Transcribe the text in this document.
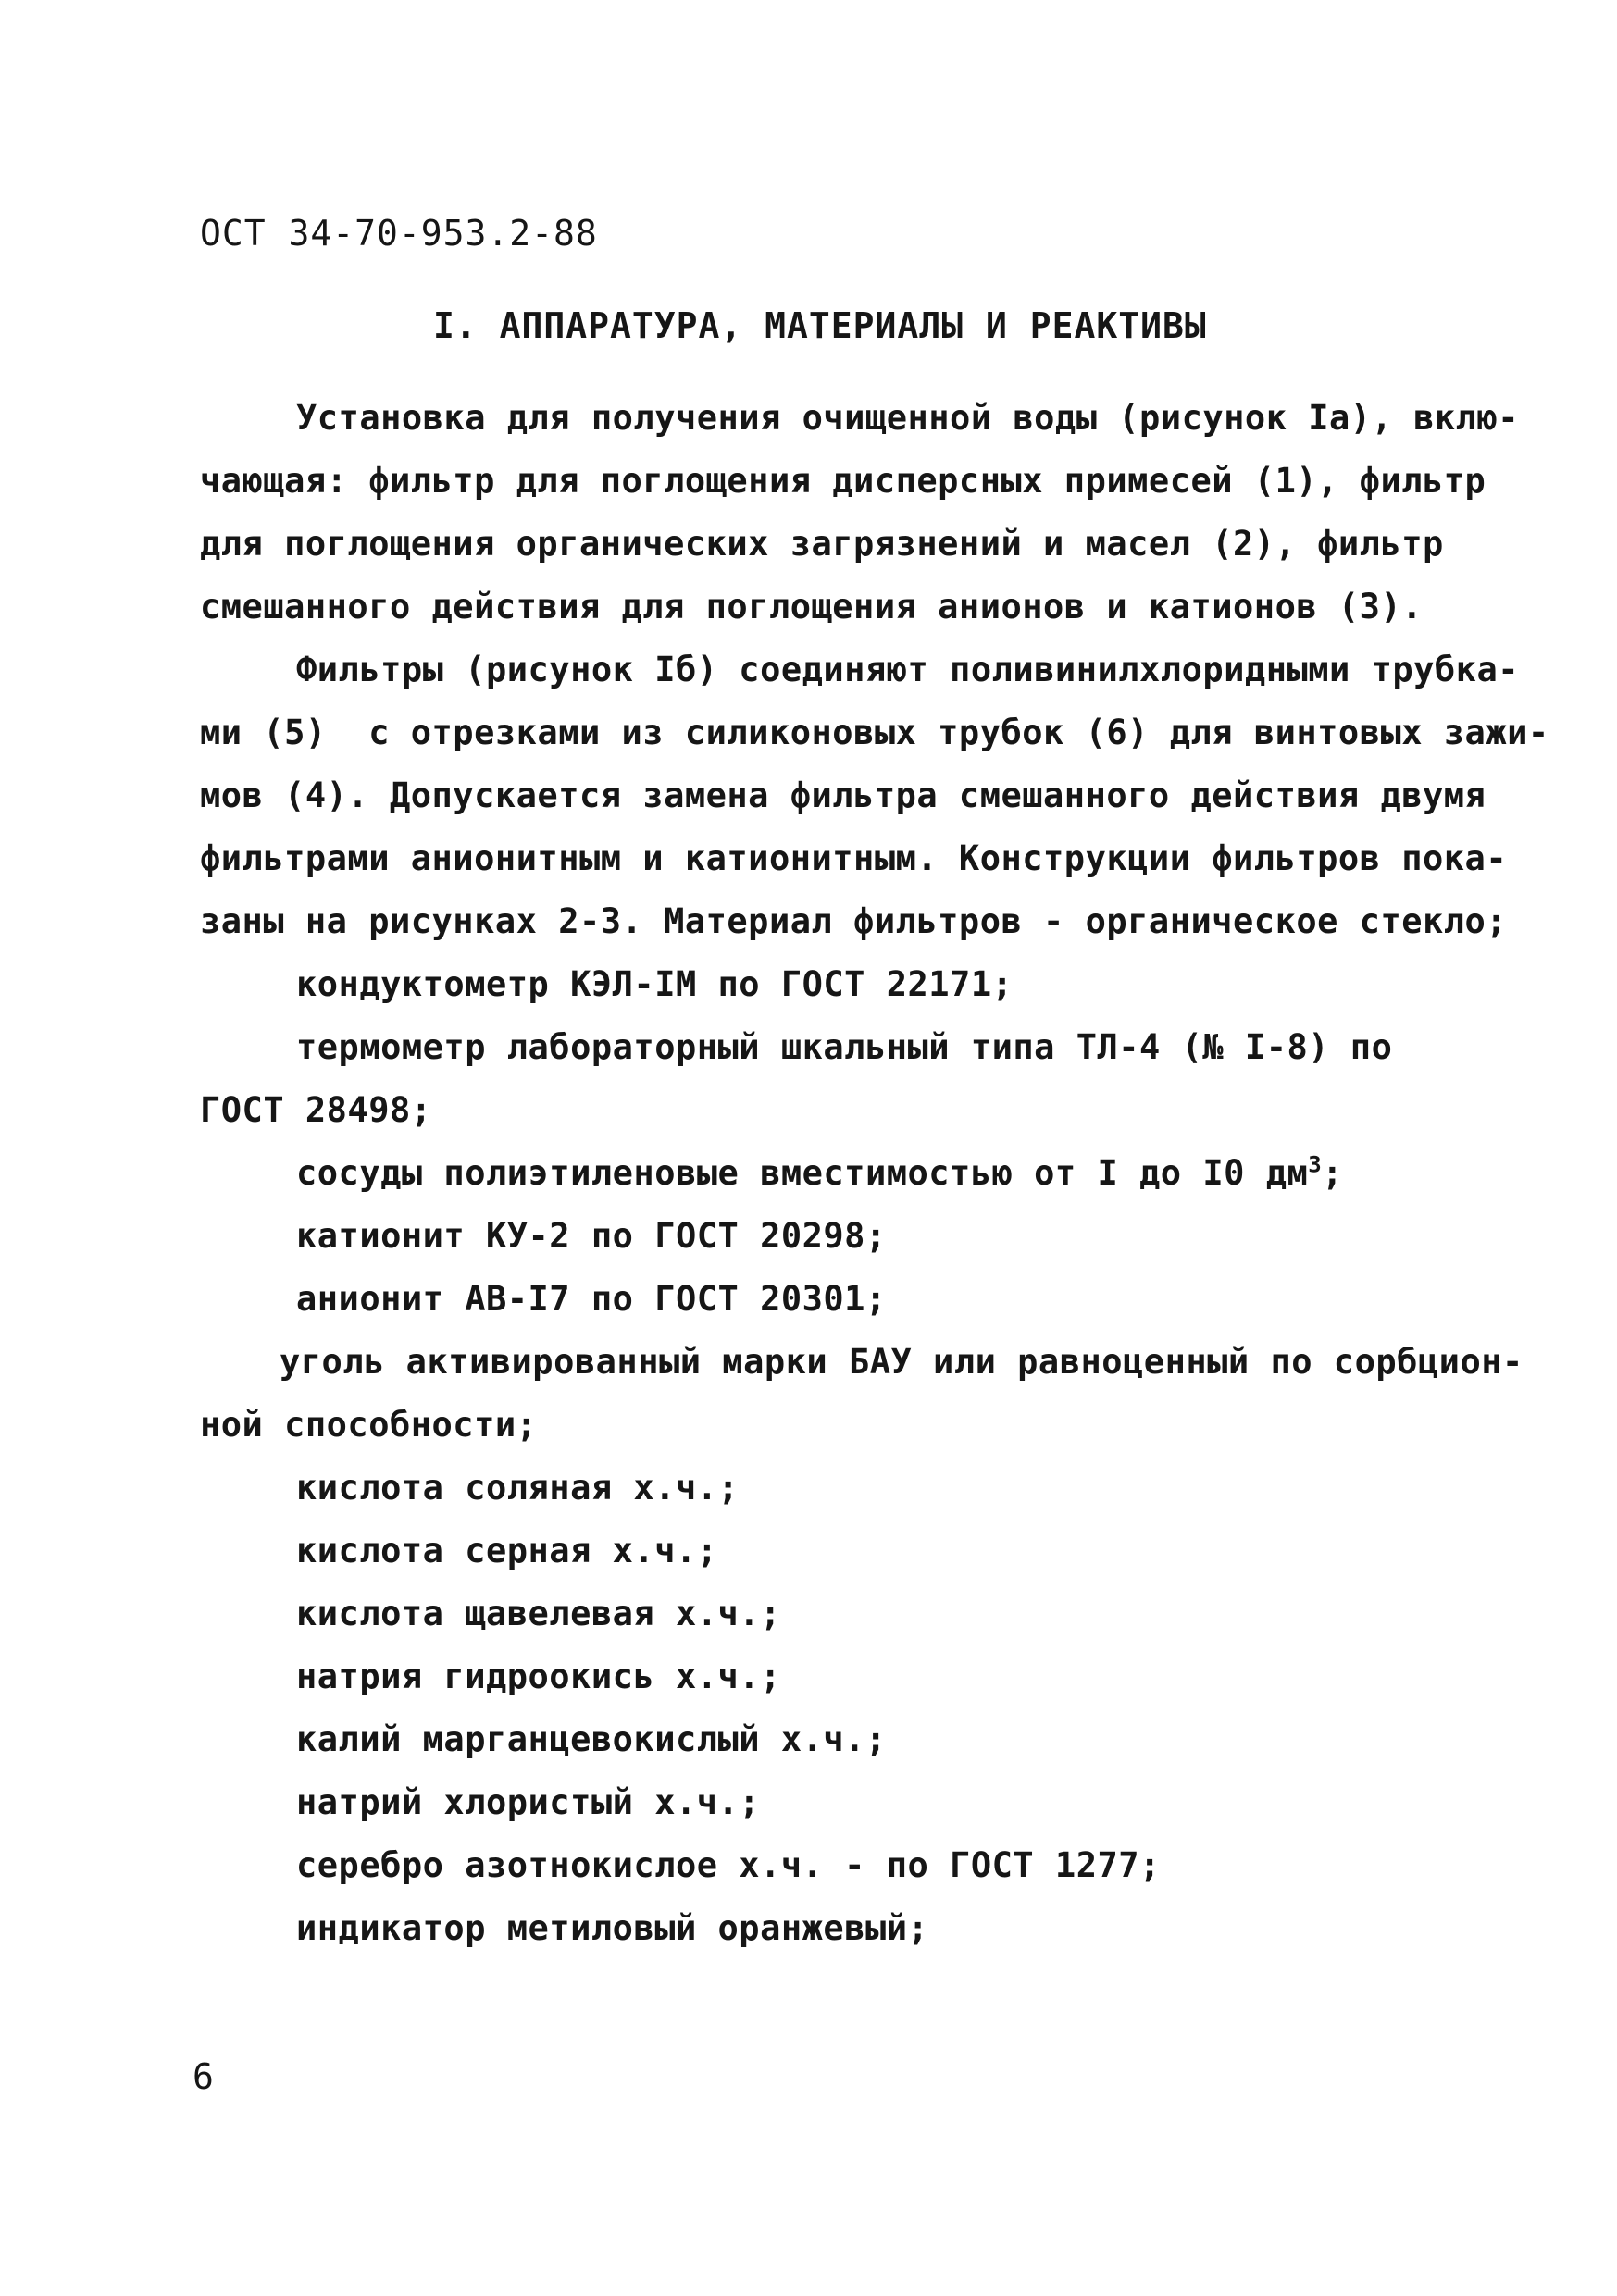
ОСТ 34-70-953.2-88
I. АППАРАТУРА, МАТЕРИАЛЫ И РЕАКТИВЫ
Установка для получения очищенной воды (рисунок Iа), вклю-
чающая: фильтр для поглощения дисперсных примесей (1), фильтр
для поглощения органических загрязнений и масел (2), фильтр
смешанного действия для поглощения анионов и катионов (3).
Фильтры (рисунок Iб) соединяют поливинилхлоридными трубка-
ми (5)  с отрезками из силиконовых трубок (6) для винтовых зажи-
мов (4). Допускается замена фильтра смешанного действия двумя
фильтрами анионитным и катионитным. Конструкции фильтров пока-
заны на рисунках 2-3. Материал фильтров - органическое стекло;
кондуктометр КЭЛ-IМ по ГОСТ 22171;
термометр лабораторный шкальный типа ТЛ-4 (№ I-8) по
ГОСТ 28498;
сосуды полиэтиленовые вместимостью от I до I0 $дм^3$;
катионит КУ-2 по ГОСТ 20298;
анионит АВ-I7 по ГОСТ 20301;
уголь активированный марки БАУ или равноценный по сорбцион-
ной способности;
кислота соляная х.ч.;
кислота серная х.ч.;
кислота щавелевая х.ч.;
натрия гидроокись х.ч.;
калий марганцевокислый х.ч.;
натрий хлористый х.ч.;
серебро азотнокислое х.ч. - по ГОСТ 1277;
индикатор метиловый оранжевый;
6
